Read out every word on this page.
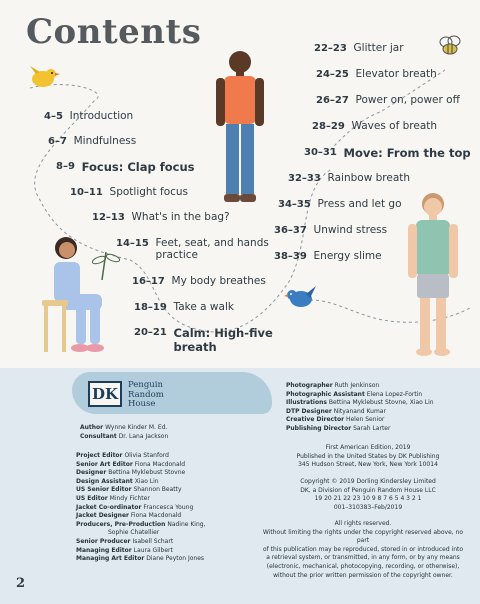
Contents
4–5 Introduction
6–7 Mindfulness
8–9 Focus: Clap focus
10–11 Spotlight focus
12–13 What's in the bag?
14–15 Feet, seat, and hands practice
16–17 My body breathes
18–19 Take a walk
20–21 Calm: High-five breath
22–23 Glitter jar
24–25 Elevator breath
26–27 Power on, power off
28–29 Waves of breath
30–31 Move: From the top
32–33 Rainbow breath
34–35 Press and let go
36–37 Unwind stress
38–39 Energy slime
DK	Penguin
Random
House
Author Wynne Kinder M. Ed.
Consultant Dr. Lana Jackson
Project Editor Olivia Stanford
Senior Art Editor Fiona Macdonald
Designer Bettina Myklebust Stovne
Design Assistant Xiao Lin
US Senior Editor Shannon Beatty
US Editor Mindy Fichter
Jacket Co-ordinator Francesca Young
Jacket Designer Fiona Macdonald
Producers, Pre-Production Nadine King,
Sophie Chatellier
Senior Producer Isabell Schart
Managing Editor Laura Gilbert
Managing Art Editor Diane Peyton Jones
Photographer Ruth Jenkinson
Photographic Assistant Elena Lopez-Fortin
Illustrations Bettina Myklebust Stovne, Xiao Lin
DTP Designer Nityanand Kumar
Creative Director Helen Senior
Publishing Director Sarah Larter
First American Edition, 2019
Published in the United States by DK Publishing
345 Hudson Street, New York, New York 10014
Copyright © 2019 Dorling Kindersley Limited
DK, a Division of Penguin Random House LLC
19 20 21 22 23 10 9 8 7 6 5 4 3 2 1
001–310383–Feb/2019
All rights reserved.
Without limiting the rights under the copyright reserved above, no part
of this publication may be reproduced, stored in or introduced into
a retrieval system, or transmitted, in any form, or by any means
(electronic, mechanical, photocopying, recording, or otherwise),
without the prior written permission of the copyright owner.
2
